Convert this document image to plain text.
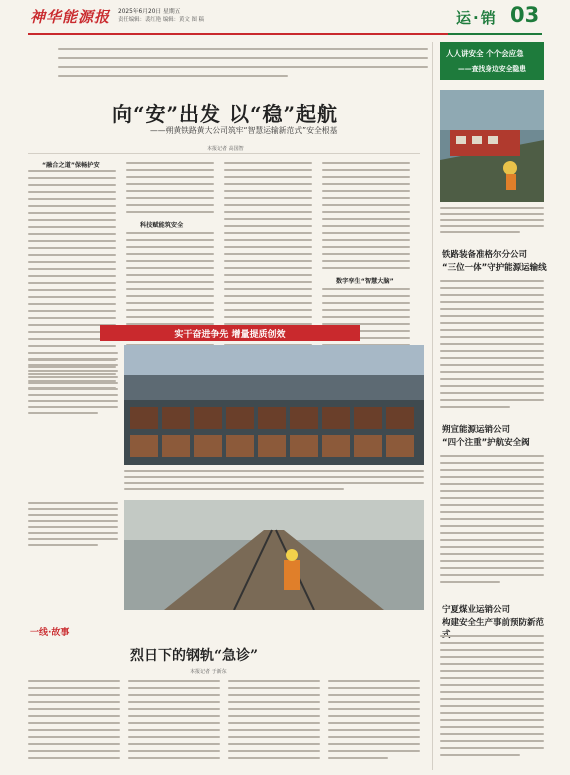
神华能源报 2025年6月20日 星期五
责任编辑：裴红艳 编辑：黄文 图 稿	运·销 03
人人讲安全 个个会应急
——查找身边安全隐患
向“安”出发 以“稳”起航
——朔黄铁路黄大公司筑牢“智慧运输新范式”安全根基
本报记者 高国智
“融合之道”保畅护安
科技赋能筑安全
数字孪生“智慧大脑”
铁路装备准格尔分公司
“三位一体”守护能源运输线
实干奋进争先 增量提质创效
朔宣能源运销公司
“四个注重”护航安全阀
一线·故事
烈日下的钢轨“急诊”
本报记者 于新东
宁夏煤业运销公司
构建安全生产事前预防新范
